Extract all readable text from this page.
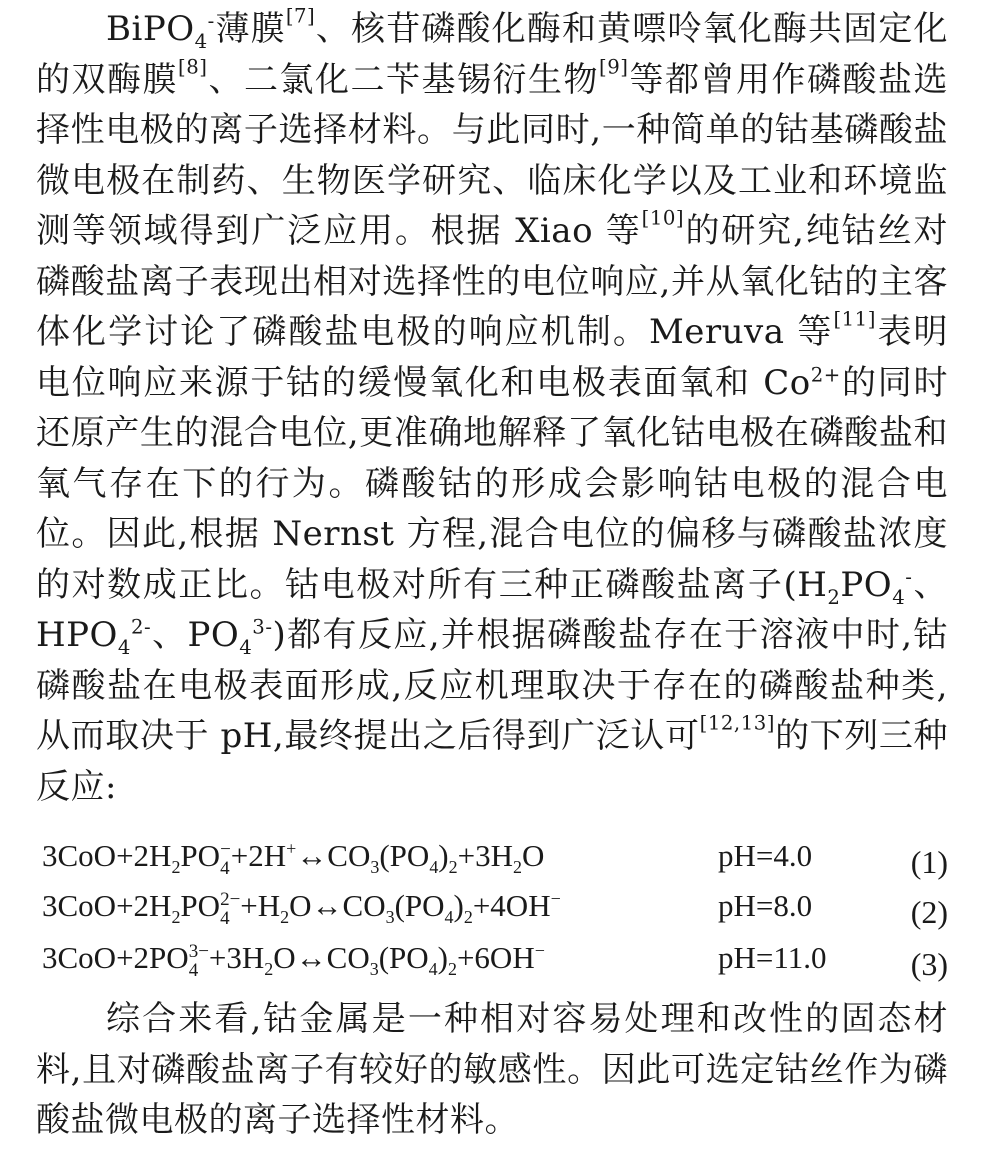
BiPO$_4$-薄膜[7]、核苷磷酸化酶和黄嘌呤氧化酶共固定化的双酶膜[8]、二氯化二苄基锡衍生物[9]等都曾用作磷酸盐选择性电极的离子选择材料。与此同时,一种简单的钴基磷酸盐微电极在制药、生物医学研究、临床化学以及工业和环境监测等领域得到广泛应用。根据 Xiao 等[10]的研究,纯钴丝对磷酸盐离子表现出相对选择性的电位响应,并从氧化钴的主客体化学讨论了磷酸盐电极的响应机制。Meruva 等[11]表明电位响应来源于钴的缓慢氧化和电极表面氧和 $Co^{2+}$的同时还原产生的混合电位,更准确地解释了氧化钴电极在磷酸盐和氧气存在下的行为。磷酸钴的形成会影响钴电极的混合电位。因此,根据 Nernst 方程,混合电位的偏移与磷酸盐浓度的对数成正比。钴电极对所有三种正磷酸盐离子($H_2PO_4^-$、$HPO_4^{2-}$、$PO_4^{3-}$)都有反应,并根据磷酸盐存在于溶液中时,钴磷酸盐在电极表面形成,反应机理取决于存在的磷酸盐种类,从而取决于 pH,最终提出之后得到广泛认可[12,13]的下列三种反应:

$3CoO+2H_2PO$ −
$4 +2H^+\leftrightarrow CO_3(PO_4)_2+3H_2O$	pH=4.0	(1)
$3CoO+2H_2PO$ 2−
$4 +H_2O\leftrightarrow CO_3(PO_4)_2+4OH^-$	pH=8.0	(2)
3CoO+2PO 3−
$4 +3H_2O\leftrightarrow CO_3(PO_4)_2+6OH^-$	pH=11.0	(3)

综合来看,钴金属是一种相对容易处理和改性的固态材料,且对磷酸盐离子有较好的敏感性。因此可选定钴丝作为磷酸盐微电极的离子选择性材料。
